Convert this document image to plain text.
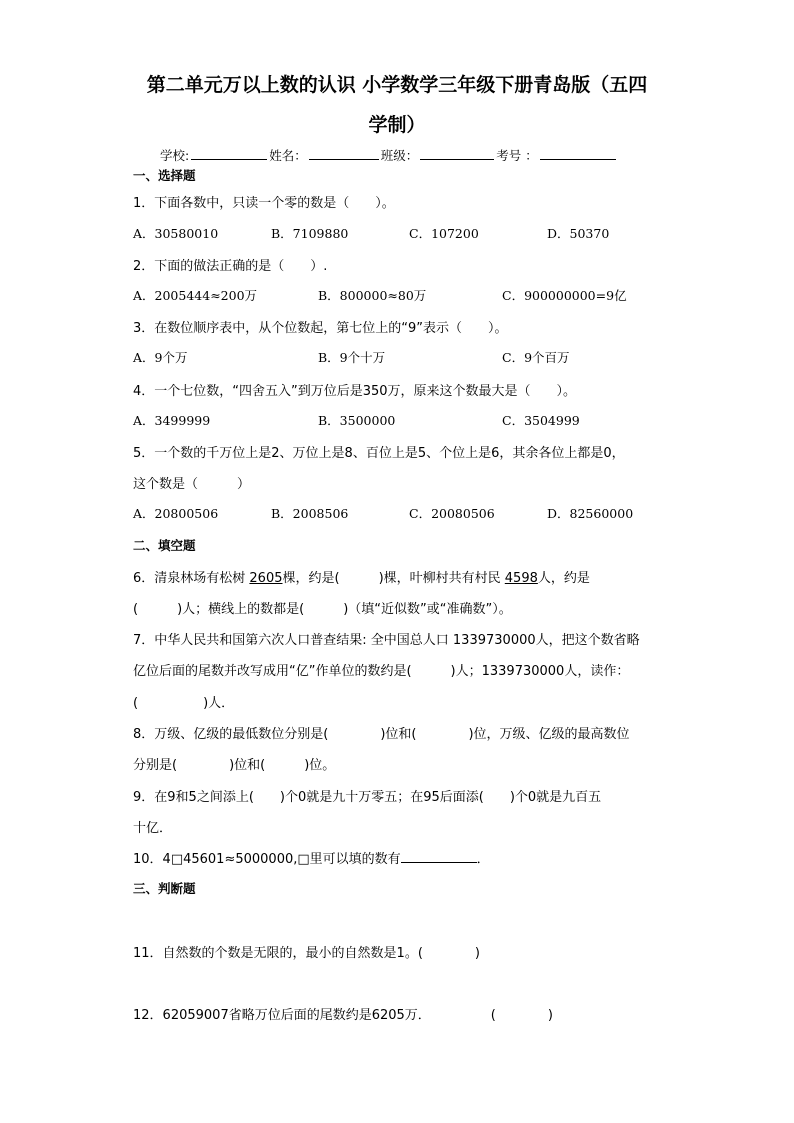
第二单元万以上数的认识 小学数学三年级下册青岛版（五四
学制）
学校:	姓名：	班级：	考号 ：
一、选择题
1．下面各数中，只读一个零的数是（　　）。
A．30580010	B．7109880	C．107200	D．50370
2．下面的做法正确的是（　　）.
A．2005444≈200万	B．800000≈80万	C．900000000=9亿
3．在数位顺序表中，从个位数起，第七位上的“9”表示（　　）。
A．9个万	B．9个十万	C．9个百万
4．一个七位数，“四舍五入”到万位后是350万，原来这个数最大是（　　）。
A．3499999	B．3500000	C．3504999
5．一个数的千万位上是2、万位上是8、百位上是5、个位上是6，其余各位上都是0，
这个数是（　　　）
A．20800506	B．2008506	C．20080506	D．82560000
二、填空题
6．清泉林场有松树 2605棵，约是(　　　)棵，叶柳村共有村民 4598人，约是
(　　　)人；横线上的数都是(　　　)（填“近似数”或“准确数”）。
7．中华人民共和国第六次人口普查结果: 全中国总人口 1339730000人，把这个数省略
亿位后面的尾数并改写成用“亿”作单位的数约是(　　　)人；1339730000人，读作：
(　　　　　)人．
8．万级、亿级的最低数位分别是(　　　　)位和(　　　　)位，万级、亿级的最高数位
分别是(　　　　)位和(　　　)位。
9．在9和5之间添上(　　)个0就是九十万零五；在95后面添(　　)个0就是九百五
十亿．
10．4□45601≈5000000,□里可以填的数有	．
三、判断题
11．自然数的个数是无限的，最小的自然数是1。(　　　　)
12．62059007省略万位后面的尾数约是6205万．	(　　　　)
